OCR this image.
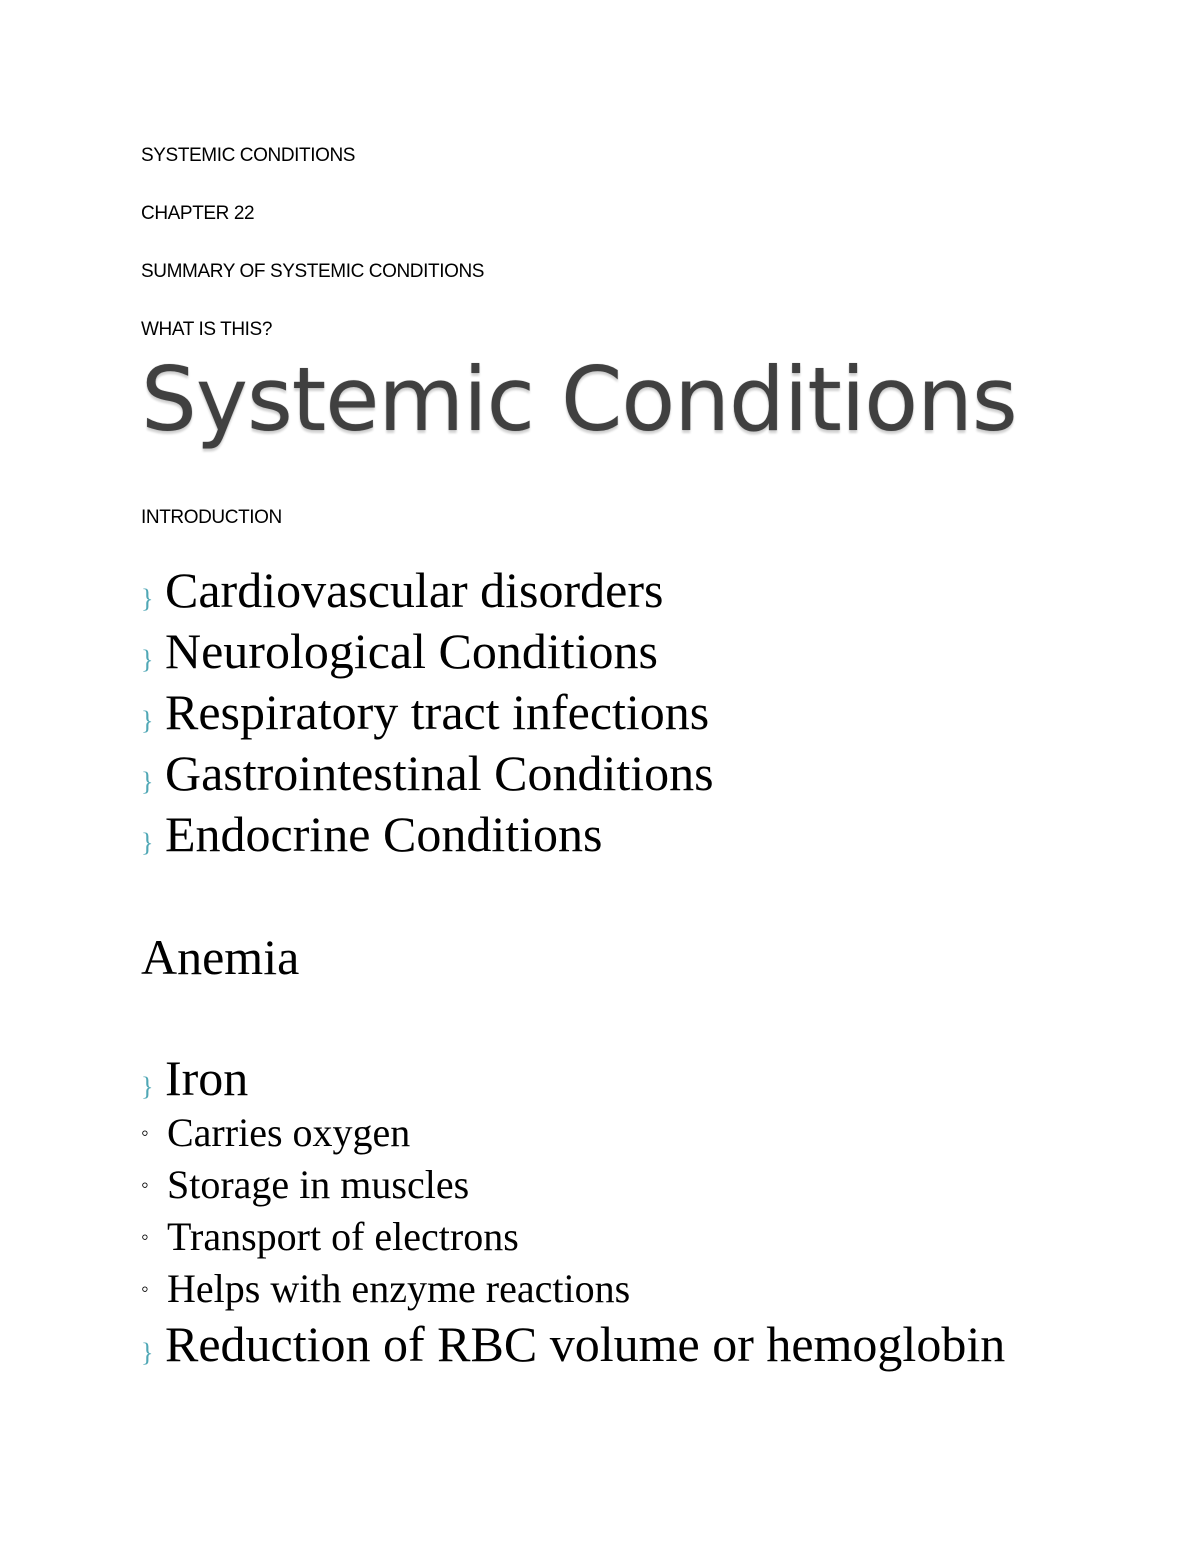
SYSTEMIC CONDITIONS
CHAPTER 22
SUMMARY OF SYSTEMIC CONDITIONS
WHAT IS THIS?
Systemic Conditions
INTRODUCTION
} Cardiovascular disorders
} Neurological Conditions
} Respiratory tract infections
} Gastrointestinal Conditions
} Endocrine Conditions
Anemia
} Iron
◦ Carries oxygen
◦ Storage in muscles
◦ Transport of electrons
◦ Helps with enzyme reactions
} Reduction of RBC volume or hemoglobin
